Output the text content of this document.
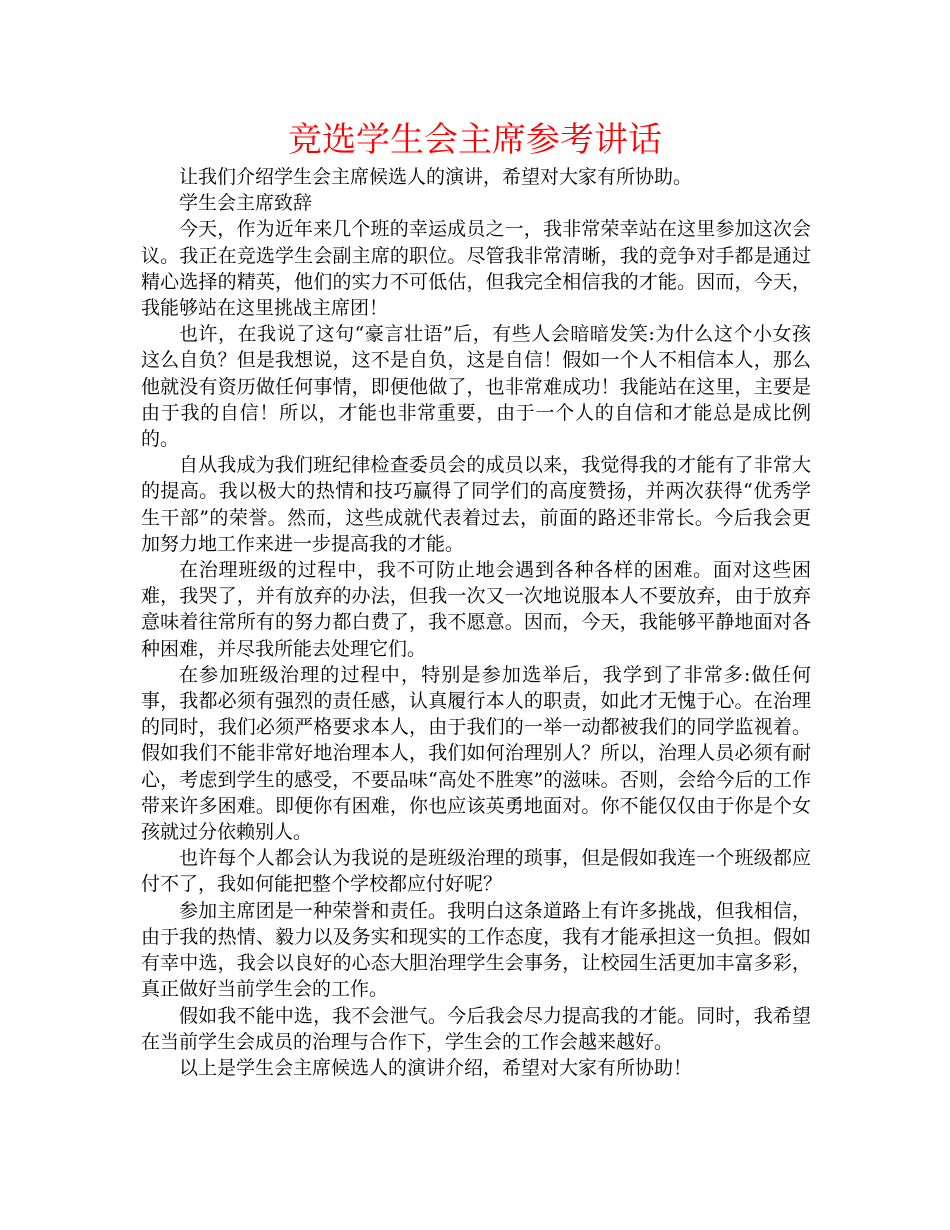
竞选学生会主席参考讲话

让我们介绍学生会主席候选人的演讲，希望对大家有所协助。

学生会主席致辞

今天，作为近年来几个班的幸运成员之一，我非常荣幸站在这里参加这次会议。我正在竞选学生会副主席的职位。尽管我非常清晰，我的竞争对手都是通过精心选择的精英，他们的实力不可低估，但我完全相信我的才能。因而，今天，我能够站在这里挑战主席团！

也许，在我说了这句“豪言壮语”后，有些人会暗暗发笑:为什么这个小女孩这么自负？但是我想说，这不是自负，这是自信！假如一个人不相信本人，那么他就没有资历做任何事情，即便他做了，也非常难成功！我能站在这里，主要是由于我的自信！所以，才能也非常重要，由于一个人的自信和才能总是成比例的。

自从我成为我们班纪律检查委员会的成员以来，我觉得我的才能有了非常大的提高。我以极大的热情和技巧赢得了同学们的高度赞扬，并两次获得“优秀学生干部”的荣誉。然而，这些成就代表着过去，前面的路还非常长。今后我会更加努力地工作来进一步提高我的才能。

在治理班级的过程中，我不可防止地会遇到各种各样的困难。面对这些困难，我哭了，并有放弃的办法，但我一次又一次地说服本人不要放弃，由于放弃意味着往常所有的努力都白费了，我不愿意。因而，今天，我能够平静地面对各种困难，并尽我所能去处理它们。

在参加班级治理的过程中，特别是参加选举后，我学到了非常多:做任何事，我都必须有强烈的责任感，认真履行本人的职责，如此才无愧于心。在治理的同时，我们必须严格要求本人，由于我们的一举一动都被我们的同学监视着。假如我们不能非常好地治理本人，我们如何治理别人？所以，治理人员必须有耐心，考虑到学生的感受，不要品味“高处不胜寒”的滋味。否则，会给今后的工作带来许多困难。即便你有困难，你也应该英勇地面对。你不能仅仅由于你是个女孩就过分依赖别人。

也许每个人都会认为我说的是班级治理的琐事，但是假如我连一个班级都应付不了，我如何能把整个学校都应付好呢？

参加主席团是一种荣誉和责任。我明白这条道路上有许多挑战，但我相信，由于我的热情、毅力以及务实和现实的工作态度，我有才能承担这一负担。假如有幸中选，我会以良好的心态大胆治理学生会事务，让校园生活更加丰富多彩，真正做好当前学生会的工作。

假如我不能中选，我不会泄气。今后我会尽力提高我的才能。同时，我希望在当前学生会成员的治理与合作下，学生会的工作会越来越好。

以上是学生会主席候选人的演讲介绍，希望对大家有所协助！
